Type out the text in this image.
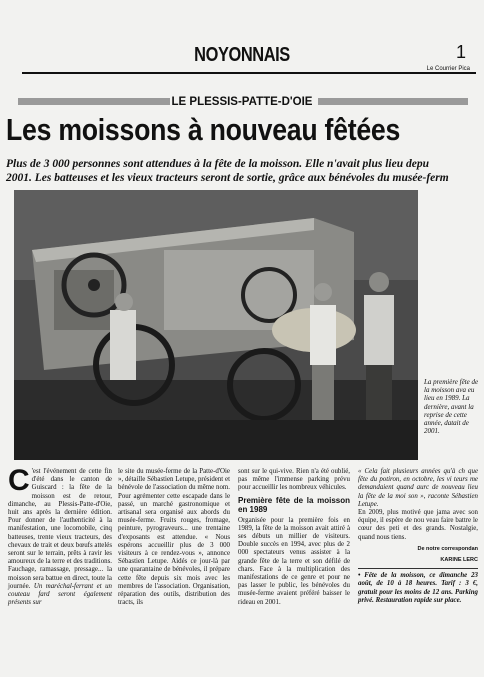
NOYONNAIS	1
Le Courrier Pica
LE PLESSIS-PATTE-D'OIE
Les moissons à nouveau fêtées
Plus de 3 000 personnes sont attendues à la fête de la moisson. Elle n'avait plus lieu depu
2001. Les batteuses et les vieux tracteurs seront de sortie, grâce aux bénévoles du musée-ferm
La première fête de la moisson ava eu lieu en 1989. La dernière, avant la reprise de cette année, datait de 2001.

C 'est l'événement de cette fin d'été dans le canton de Guiscard : la fête de la moisson est de retour, dimanche, au Plessis-Patte-d'Oie, huit ans après la dernière édition. Pour donner de l'authenticité à la manifestation, une locomobile, cinq batteuses, trente vieux tracteurs, des chevaux de trait et deux bœufs attelés seront sur le terrain, prêts à ravir les amoureux de la terre et des traditions. Fauchage, ramassage, pressage... la moisson sera battue en direct, toute la journée. Un maréchal-ferrant et un couteau fard seront également présents sur

le site du musée-ferme de la Patte-d'Oie », détaille Sébastien Letupe, président et bénévole de l'association du même nom. Pour agrémenter cette escapade dans le passé, un marché gastronomique et artisanal sera organisé aux abords du musée-ferme. Fruits rouges, fromage, peinture, pyrograveurs... une trentaine d'exposants est attendue. « Nous espérons accueillir plus de 3 000 visiteurs à ce rendez-vous », annonce Sébastien Letupe. Aidés ce jour-là par une quarantaine de bénévoles, il prépare cette fête depuis six mois avec les membres de l'association. Organisation, réparation des outils, distribution des tracts, ils

sont sur le qui-vive. Rien n'a été oublié, pas même l'immense parking prévu pour accueillir les nombreux véhicules.

Première fête de la moisson en 1989

Organisée pour la première fois en 1989, la fête de la moisson avait attiré à ses débuts un millier de visiteurs. Double succès en 1994, avec plus de 2 000 spectateurs venus assister à la grande fête de la terre et son défilé de chars. Face à la multiplication des manifestations de ce genre et pour ne pas lasser le public, les bénévoles du musée-ferme avaient préféré baisser le rideau en 2001.

« Cela fait plusieurs années qu'à ch que fête du potiron, en octobre, les vi teurs me demandaient quand aurc de nouveau lieu la fête de la moi son », raconte Sébastien Letupe.

En 2009, plus motivé que jama avec son équipe, il espère de nou veau faire battre le cœur des peti et des grands. Nostalgie, quand nous tiens.

De notre correspondan
KARINE LERC

• Fête de la moisson, ce dimanche 23 août, de 10 à 18 heures. Tarif : 3 €, gratuit pour les moins de 12 ans. Parking privé. Restauration rapide sur place.
